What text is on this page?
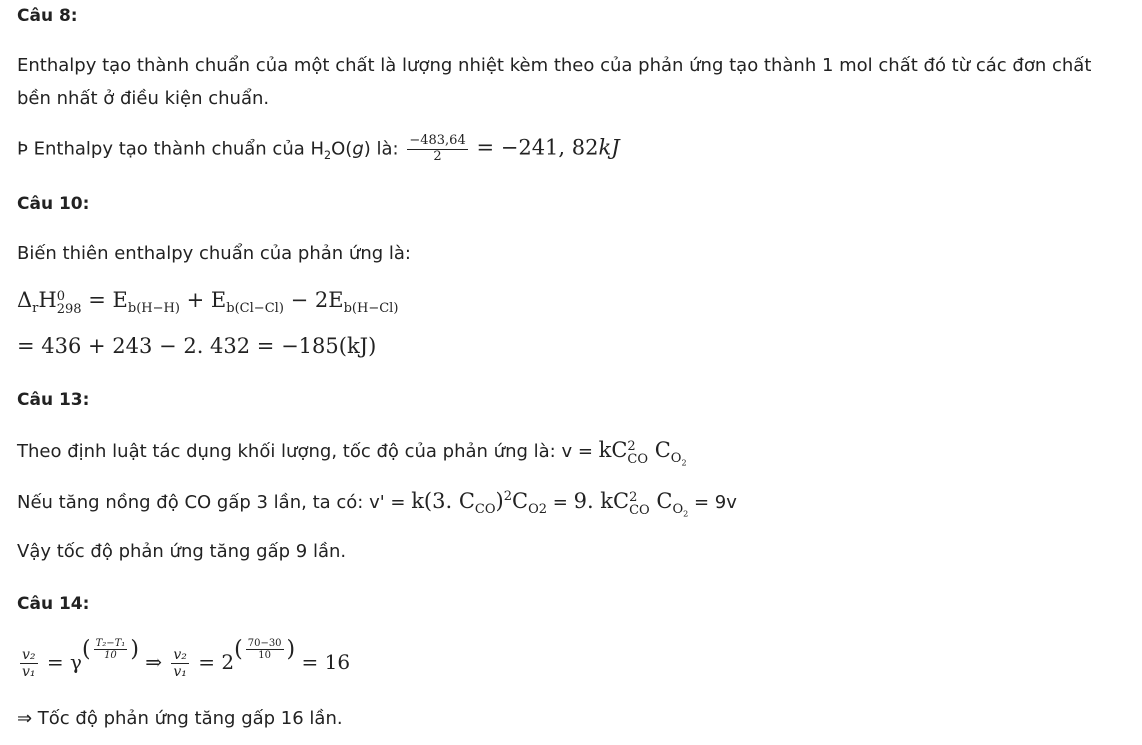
Câu 8:
Enthalpy tạo thành chuẩn của một chất là lượng nhiệt kèm theo của phản ứng tạo thành 1 mol chất đó từ các đơn chất
bền nhất ở điều kiện chuẩn.
Þ Enthalpy tạo thành chuẩn của $H_2O(g)$ là: $\frac{-483,64}{2} = -241$, 82kJ
Câu 10:
Biến thiên enthalpy chuẩn của phản ứng là:
$\Delta_rH$ 0
$298 = E_{b(H-H)} + E_{b(Cl-Cl)} - 2E_{b(H-Cl)}$
= 436 + 243 − 2. 432 = −185(kJ)
Câu 13:
Theo định luật tác dụng khối lượng, tốc độ của phản ứng là: v = kC 2
CO $C_{O_2}$
Nếu tăng nồng độ CO gấp 3 lần, ta có: v' = k(3. $C_{CO})^2C_{O2} = 9$. kC 2
CO $C_{O_2} = 9v$
Vậy tốc độ phản ứng tăng gấp 9 lần.
Câu 14:
$\frac{\text{v₂}}{\text{v₁}} = \gamma( \frac{\text{T₂−T₁}}{10}$ ) ⇒ $\frac{\text{v₂}}{\text{v₁}} = 2( \frac{70-30}{10}$ ) = 16
⇒ Tốc độ phản ứng tăng gấp 16 lần.
